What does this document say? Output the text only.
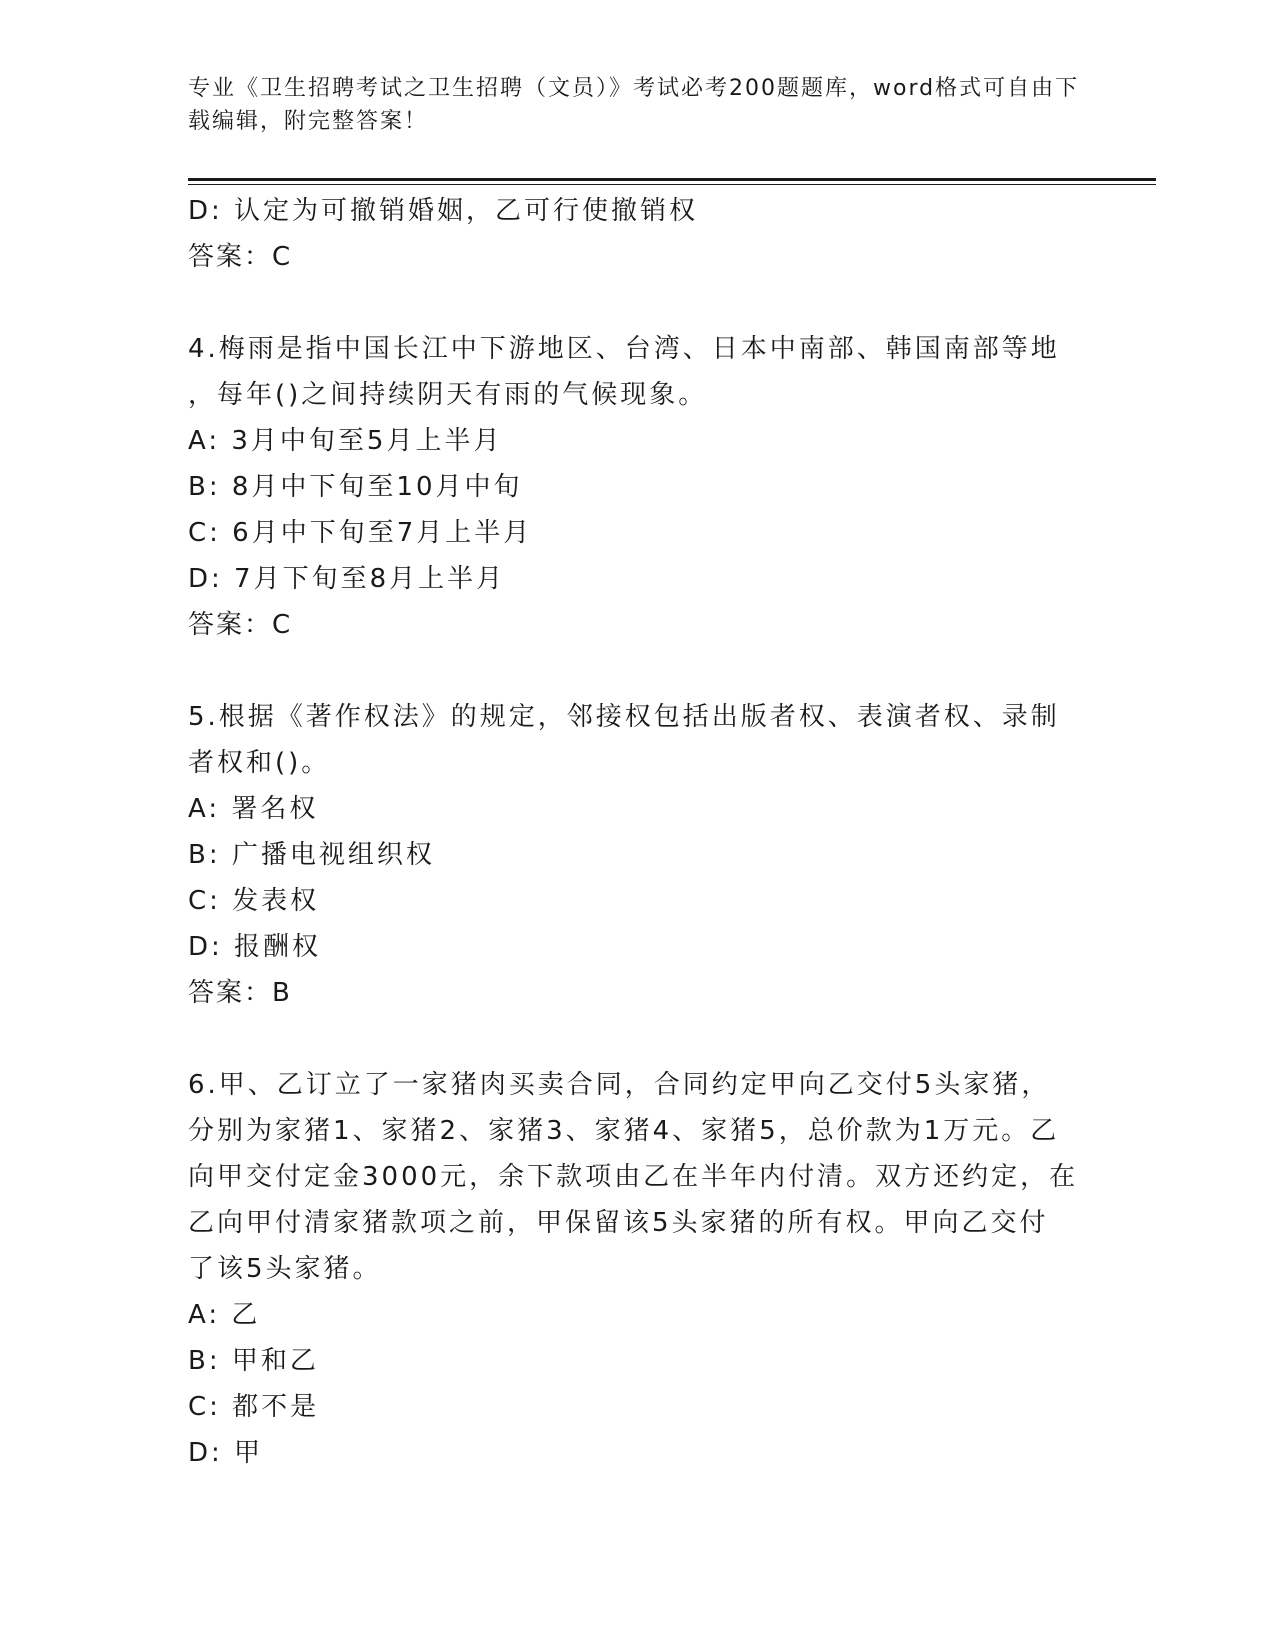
专业《卫生招聘考试之卫生招聘（文员）》考试必考200题题库，word格式可自由下载编辑，附完整答案！
D: 认定为可撤销婚姻，乙可行使撤销权
答案：C
4.梅雨是指中国长江中下游地区、台湾、日本中南部、韩国南部等地
，每年()之间持续阴天有雨的气候现象。
A: 3月中旬至5月上半月
B: 8月中下旬至10月中旬
C: 6月中下旬至7月上半月
D: 7月下旬至8月上半月
答案：C
5.根据《著作权法》的规定，邻接权包括出版者权、表演者权、录制
者权和()。
A: 署名权
B: 广播电视组织权
C: 发表权
D: 报酬权
答案：B
6.甲、乙订立了一家猪肉买卖合同，合同约定甲向乙交付5头家猪，
分别为家猪1、家猪2、家猪3、家猪4、家猪5，总价款为1万元。乙
向甲交付定金3000元，余下款项由乙在半年内付清。双方还约定，在
乙向甲付清家猪款项之前，甲保留该5头家猪的所有权。甲向乙交付
了该5头家猪。
A: 乙
B: 甲和乙
C: 都不是
D: 甲
